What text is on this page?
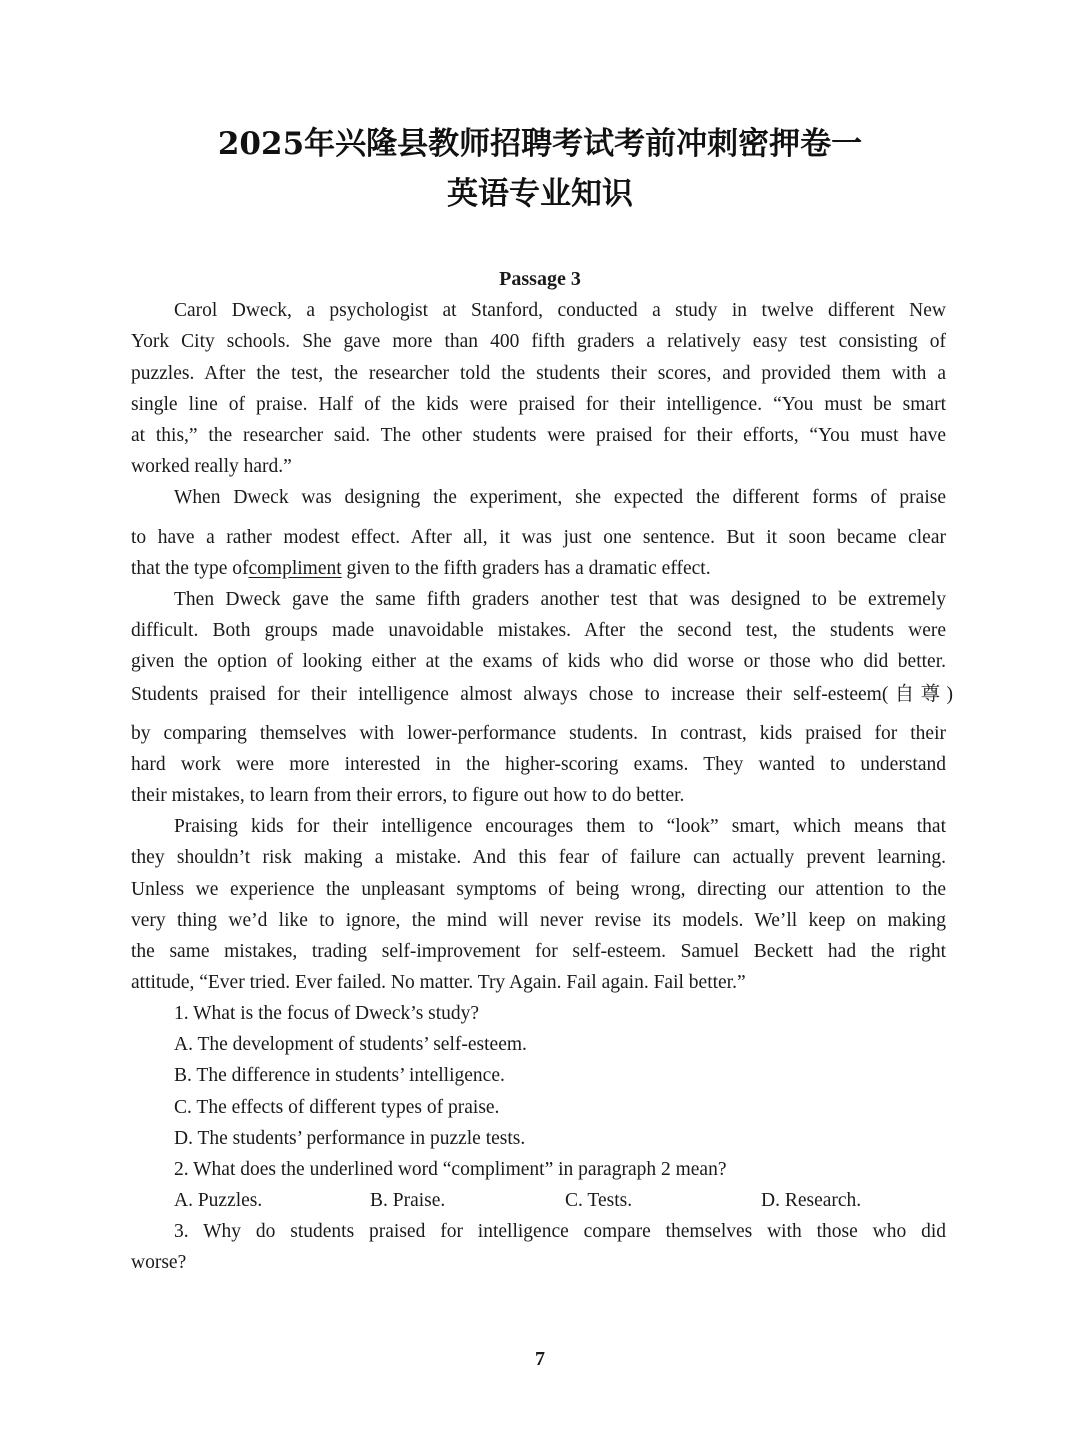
2025年兴隆县教师招聘考试考前冲刺密押卷一
英语专业知识
Passage 3
Carol Dweck, a psychologist at Stanford, conducted a study in twelve different New
York City schools. She gave more than 400 fifth graders a relatively easy test consisting of
puzzles. After the test, the researcher told the students their scores, and provided them with a
single line of praise. Half of the kids were praised for their intelligence. “You must be smart
at this,” the researcher said. The other students were praised for their efforts, “You must have
worked really hard.”
When Dweck was designing the experiment, she expected the different forms of praise
to have a rather modest effect. After all, it was just one sentence. But it soon became clear
that the type ofcompliment given to the fifth graders has a dramatic effect.
Then Dweck gave the same fifth graders another test that was designed to be extremely
difficult. Both groups made unavoidable mistakes. After the second test, the students were
given the option of looking either at the exams of kids who did worse or those who did better.
Students praised for their intelligence almost always chose to increase their self-esteem(自尊)
by comparing themselves with lower-performance students. In contrast, kids praised for their
hard work were more interested in the higher-scoring exams. They wanted to understand
their mistakes, to learn from their errors, to figure out how to do better.
Praising kids for their intelligence encourages them to “look” smart, which means that
they shouldn’t risk making a mistake. And this fear of failure can actually prevent learning.
Unless we experience the unpleasant symptoms of being wrong, directing our attention to the
very thing we’d like to ignore, the mind will never revise its models. We’ll keep on making
the same mistakes, trading self-improvement for self-esteem. Samuel Beckett had the right
attitude, “Ever tried. Ever failed. No matter. Try Again. Fail again. Fail better.”
1. What is the focus of Dweck’s study?
A. The development of students’ self-esteem.
B. The difference in students’ intelligence.
C. The effects of different types of praise.
D. The students’ performance in puzzle tests.
2. What does the underlined word “compliment” in paragraph 2 mean?
A. Puzzles.	B. Praise.	C. Tests.	D. Research.
3. Why do students praised for intelligence compare themselves with those who did
worse?
7
